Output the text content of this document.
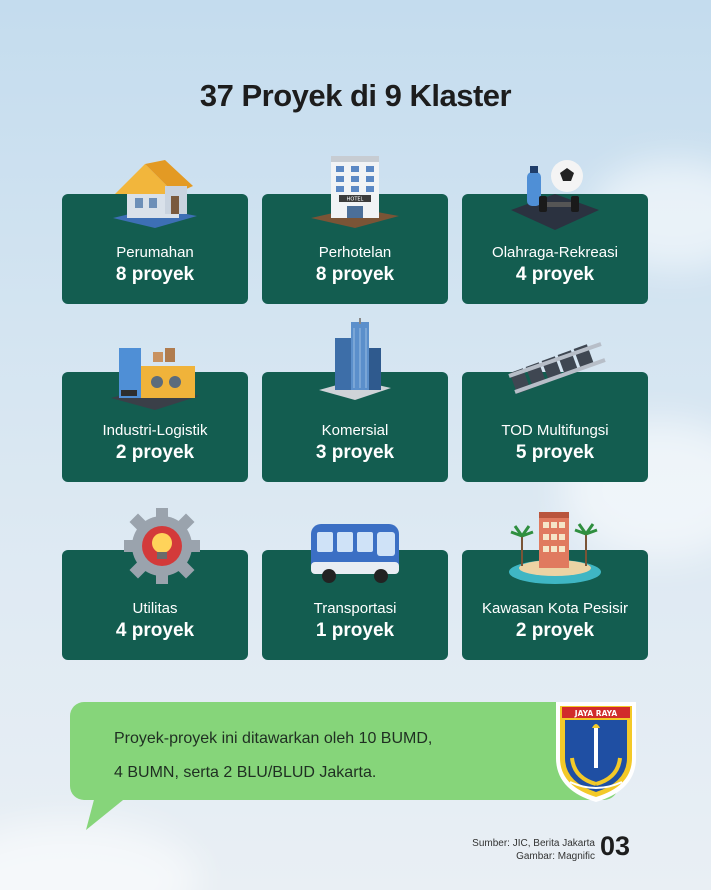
37 Proyek di 9 Klaster
Perumahan
8 proyek
Perhotelan
8 proyek
Olahraga-Rekreasi
4 proyek
Industri-Logistik
2 proyek
Komersial
3 proyek
TOD Multifungsi
5 proyek
Utilitas
4 proyek
Transportasi
1 proyek
Kawasan Kota Pesisir
2 proyek
HOTEL
Proyek-proyek ini ditawarkan oleh 10 BUMD,
4 BUMN, serta 2 BLU/BLUD Jakarta.
JAYA RAYA
Sumber: JIC, Berita Jakarta
Gambar: Magnific 03
